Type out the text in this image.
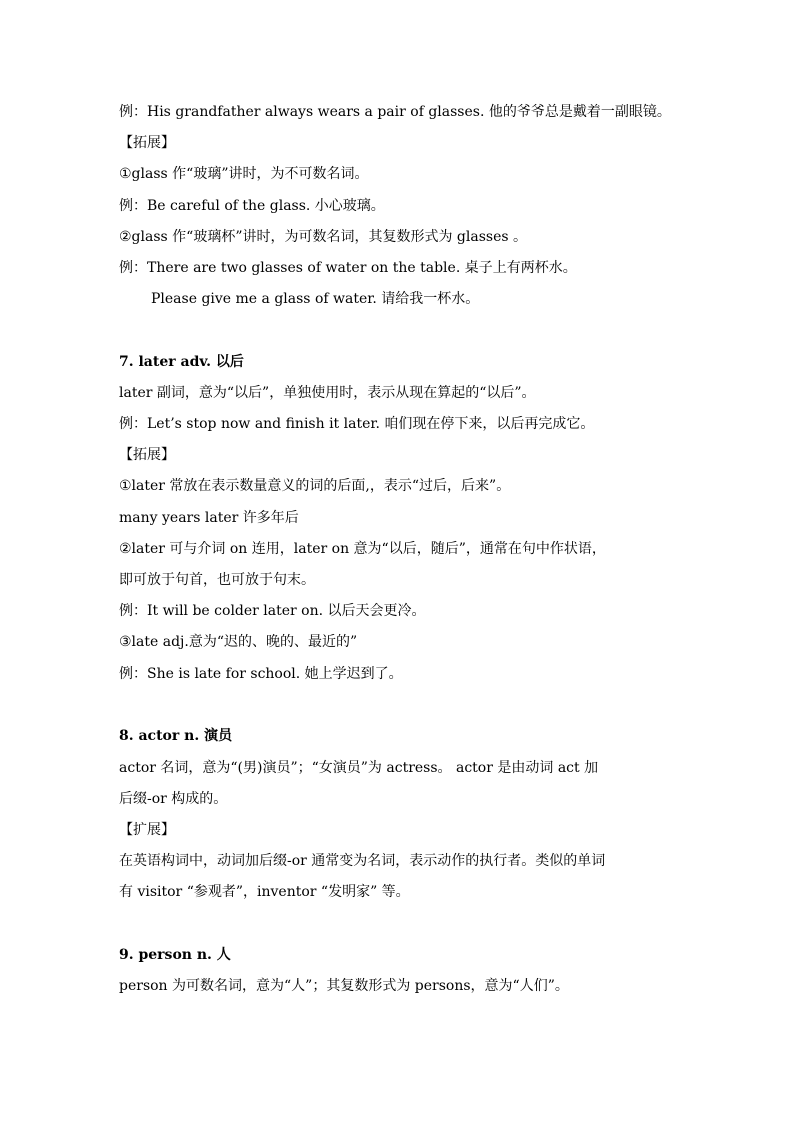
例：His grandfather always wears a pair of glasses. 他的爷爷总是戴着一副眼镜。
【拓展】
①glass 作“玻璃”讲时，为不可数名词。
例：Be careful of the glass. 小心玻璃。
②glass 作“玻璃杯”讲时，为可数名词，其复数形式为 glasses 。
例：There are two glasses of water on the table. 桌子上有两杯水。
Please give me a glass of water. 请给我一杯水。
7. later adv. 以后
later 副词，意为“以后”，单独使用时，表示从现在算起的“以后”。
例：Let’s stop now and finish it later. 咱们现在停下来，以后再完成它。
【拓展】
①later 常放在表示数量意义的词的后面,，表示“过后，后来”。
many years later 许多年后
②later 可与介词 on 连用，later on 意为“以后，随后”，通常在句中作状语，
即可放于句首，也可放于句末。
例：It will be colder later on. 以后天会更冷。
③late adj.意为“迟的、晚的、最近的”
例：She is late for school. 她上学迟到了。
8. actor n. 演员
actor 名词，意为“(男)演员”；“女演员”为 actress。 actor 是由动词 act 加
后缀-or 构成的。
【扩展】
在英语构词中，动词加后缀-or 通常变为名词，表示动作的执行者。类似的单词
有 visitor “参观者”，inventor “发明家” 等。
9. person n. 人
person 为可数名词，意为“人”；其复数形式为 persons，意为“人们”。
